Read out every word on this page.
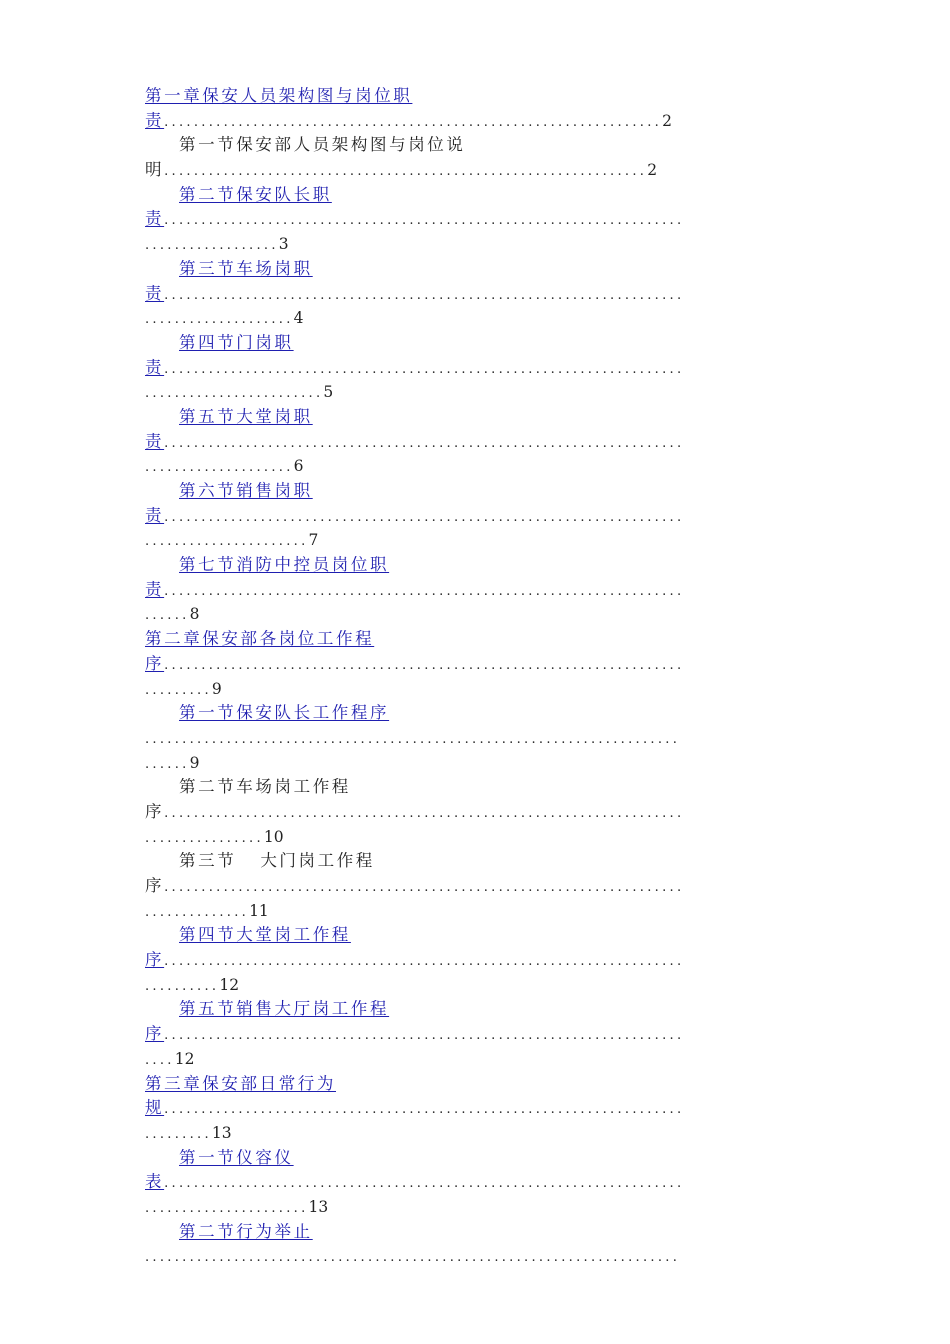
第一章保安人员架构图与岗位职
责...................................................................2
第一节保安部人员架构图与岗位说
明.................................................................2
第二节保安队长职
责......................................................................
..................3
第三节车场岗职
责......................................................................
....................4
第四节门岗职
责......................................................................
........................5
第五节大堂岗职
责......................................................................
....................6
第六节销售岗职
责......................................................................
......................7
第七节消防中控员岗位职
责......................................................................
......8
第二章保安部各岗位工作程
序......................................................................
.........9
第一节保安队长工作程序
........................................................................
......9
第二节车场岗工作程
序......................................................................
................10
第三节 大门岗工作程
序......................................................................
..............11
第四节大堂岗工作程
序......................................................................
..........12
第五节销售大厅岗工作程
序......................................................................
....12
第三章保安部日常行为
规......................................................................
.........13
第一节仪容仪
表......................................................................
......................13
第二节行为举止
........................................................................
